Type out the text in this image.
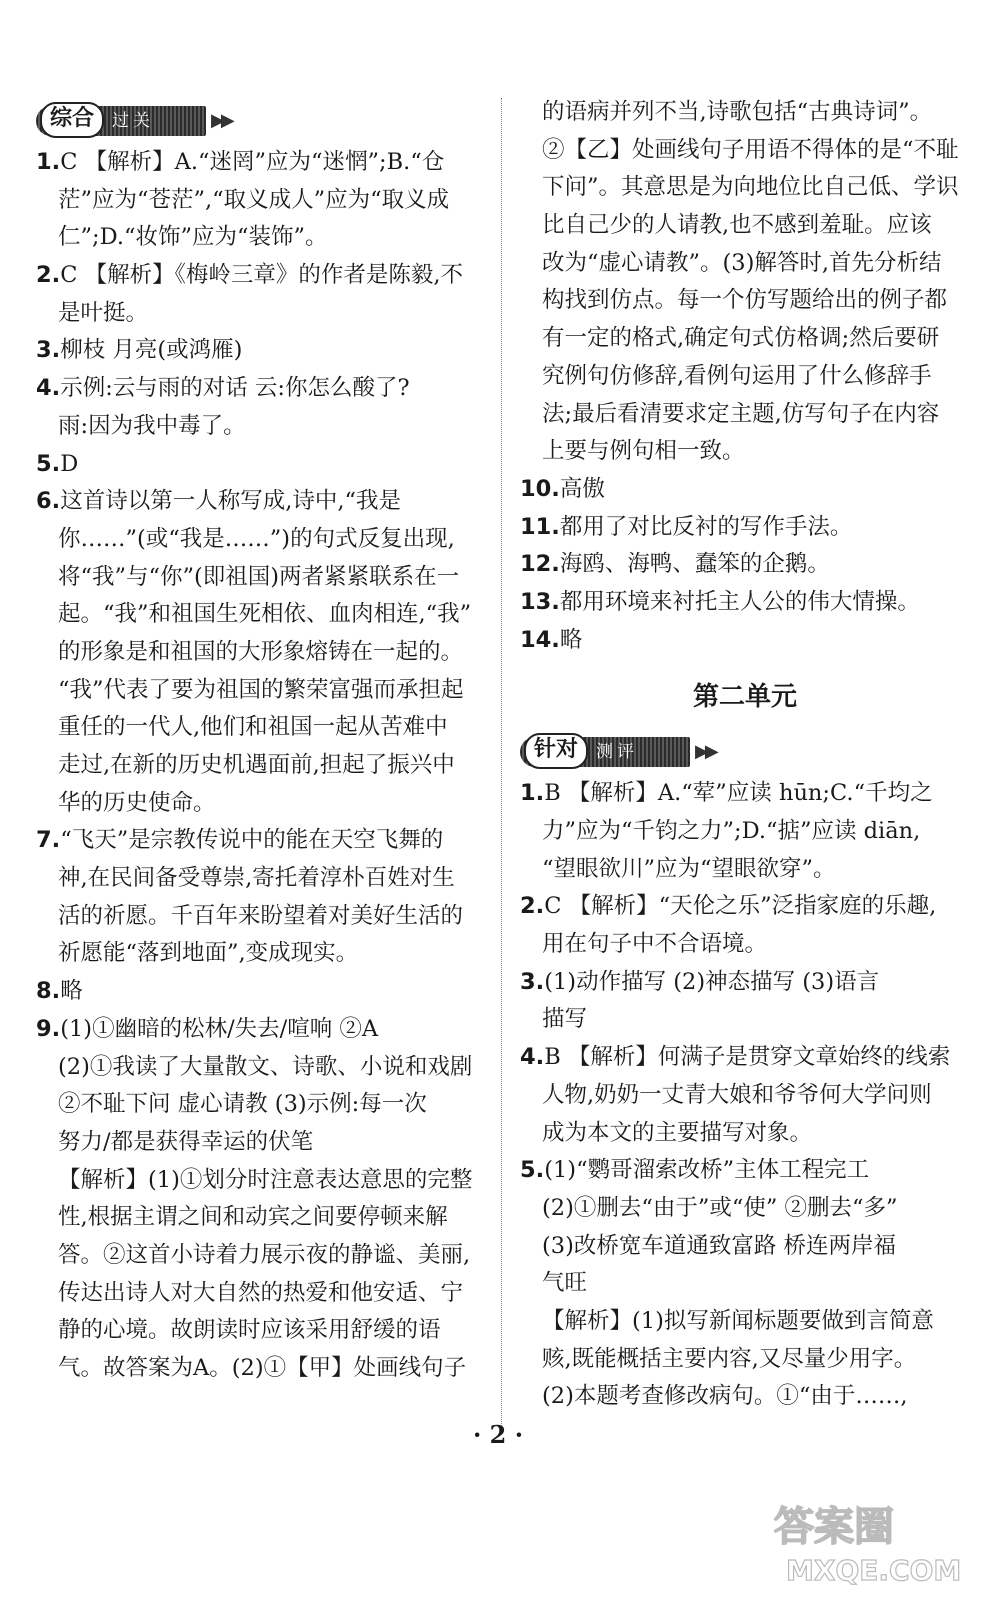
综合	过关	▶▶

1.C 【解析】A.“迷罔”应为“迷惘”;B.“仓

茫”应为“苍茫”,“取义成人”应为“取义成

仁”;D.“妆饰”应为“装饰”。

2.C 【解析】《梅岭三章》的作者是陈毅,不

是叶挺。

3.柳枝 月亮(或鸿雁)

4.示例:云与雨的对话 云:你怎么酸了?

雨:因为我中毒了。

5.D

6.这首诗以第一人称写成,诗中,“我是

你……”(或“我是……”)的句式反复出现,

将“我”与“你”(即祖国)两者紧紧联系在一

起。“我”和祖国生死相依、血肉相连,“我”

的形象是和祖国的大形象熔铸在一起的。

“我”代表了要为祖国的繁荣富强而承担起

重任的一代人,他们和祖国一起从苦难中

走过,在新的历史机遇面前,担起了振兴中

华的历史使命。

7.“飞天”是宗教传说中的能在天空飞舞的

神,在民间备受尊崇,寄托着淳朴百姓对生

活的祈愿。千百年来盼望着对美好生活的

祈愿能“落到地面”,变成现实。

8.略

9.(1)①幽暗的松林/失去/喧响 ②A

(2)①我读了大量散文、诗歌、小说和戏剧

②不耻下问 虚心请教 (3)示例:每一次

努力/都是获得幸运的伏笔

【解析】(1)①划分时注意表达意思的完整

性,根据主谓之间和动宾之间要停顿来解

答。②这首小诗着力展示夜的静谧、美丽,

传达出诗人对大自然的热爱和他安适、宁

静的心境。故朗读时应该采用舒缓的语

气。故答案为A。(2)①【甲】处画线句子

的语病并列不当,诗歌包括“古典诗词”。

②【乙】处画线句子用语不得体的是“不耻

下问”。其意思是为向地位比自己低、学识

比自己少的人请教,也不感到羞耻。应该

改为“虚心请教”。(3)解答时,首先分析结

构找到仿点。每一个仿写题给出的例子都

有一定的格式,确定句式仿格调;然后要研

究例句仿修辞,看例句运用了什么修辞手

法;最后看清要求定主题,仿写句子在内容

上要与例句相一致。

10.高傲

11.都用了对比反衬的写作手法。

12.海鸥、海鸭、蠢笨的企鹅。

13.都用环境来衬托主人公的伟大情操。

14.略

第二单元

针对	测评	▶▶

1.B 【解析】A.“荤”应读 hūn;C.“千均之

力”应为“千钧之力”;D.“掂”应读 diān,

“望眼欲川”应为“望眼欲穿”。

2.C 【解析】“天伦之乐”泛指家庭的乐趣,

用在句子中不合语境。

3.(1)动作描写 (2)神态描写 (3)语言

描写

4.B 【解析】何满子是贯穿文章始终的线索

人物,奶奶一丈青大娘和爷爷何大学问则

成为本文的主要描写对象。

5.(1)“鹦哥溜索改桥”主体工程完工

(2)①删去“由于”或“使” ②删去“多”

(3)改桥宽车道通致富路 桥连两岸福

气旺

【解析】(1)拟写新闻标题要做到言简意

赅,既能概括主要内容,又尽量少用字。

(2)本题考查修改病句。①“由于……,

· 2 ·
答案圈
MXQE.COM
